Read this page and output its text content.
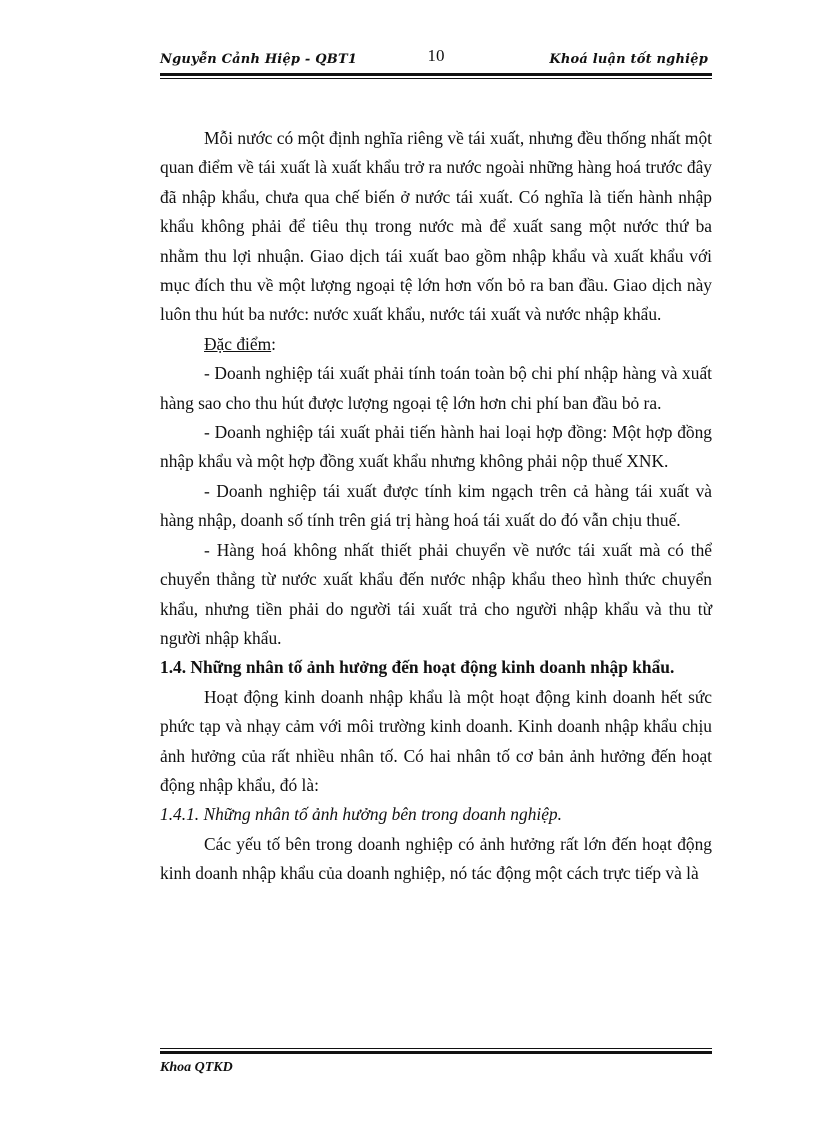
Nguyễn Cảnh Hiệp - QBT1	10	Khoá luận tốt nghiệp

Mỗi nước có một định nghĩa riêng về tái xuất, nhưng đều thống nhất một quan điểm về tái xuất là xuất khẩu trở ra nước ngoài những hàng hoá trước đây đã nhập khẩu, chưa qua chế biến ở nước tái xuất. Có nghĩa là tiến hành nhập khẩu không phải để tiêu thụ trong nước mà để xuất sang một nước thứ ba nhằm thu lợi nhuận. Giao dịch tái xuất bao gồm nhập khẩu và xuất khẩu với mục đích thu về một lượng ngoại tệ lớn hơn vốn bỏ ra ban đầu. Giao dịch này luôn thu hút ba nước: nước xuất khẩu, nước tái xuất và nước nhập khẩu.

Đặc điểm:

- Doanh nghiệp tái xuất phải tính toán toàn bộ chi phí nhập hàng và xuất hàng sao cho thu hút được lượng ngoại tệ lớn hơn chi phí ban đầu bỏ ra.

- Doanh nghiệp tái xuất phải tiến hành hai loại hợp đồng: Một hợp đồng nhập khẩu và một hợp đồng xuất khẩu nhưng không phải nộp thuế XNK.

- Doanh nghiệp tái xuất được tính kim ngạch trên cả hàng tái xuất và hàng nhập, doanh số tính trên giá trị hàng hoá tái xuất do đó vẫn chịu thuế.

- Hàng hoá không nhất thiết phải chuyển về nước tái xuất mà có thể chuyển thẳng từ nước xuất khẩu đến nước nhập khẩu theo hình thức chuyển khẩu, nhưng tiền phải do người tái xuất trả cho người nhập khẩu và thu từ người nhập khẩu.

1.4. Những nhân tố ảnh hưởng đến hoạt động kinh doanh nhập khẩu.

Hoạt động kinh doanh nhập khẩu là một hoạt động kinh doanh hết sức phức tạp và nhạy cảm với môi trường kinh doanh. Kinh doanh nhập khẩu chịu ảnh hưởng của rất nhiều nhân tố. Có hai nhân tố cơ bản ảnh hưởng đến hoạt động nhập khẩu, đó là:

1.4.1. Những nhân tố ảnh hưởng bên trong doanh nghiệp.

Các yếu tố bên trong doanh nghiệp có ảnh hưởng rất lớn đến hoạt động kinh doanh nhập khẩu của doanh nghiệp, nó tác động một cách trực tiếp và là

Khoa QTKD
